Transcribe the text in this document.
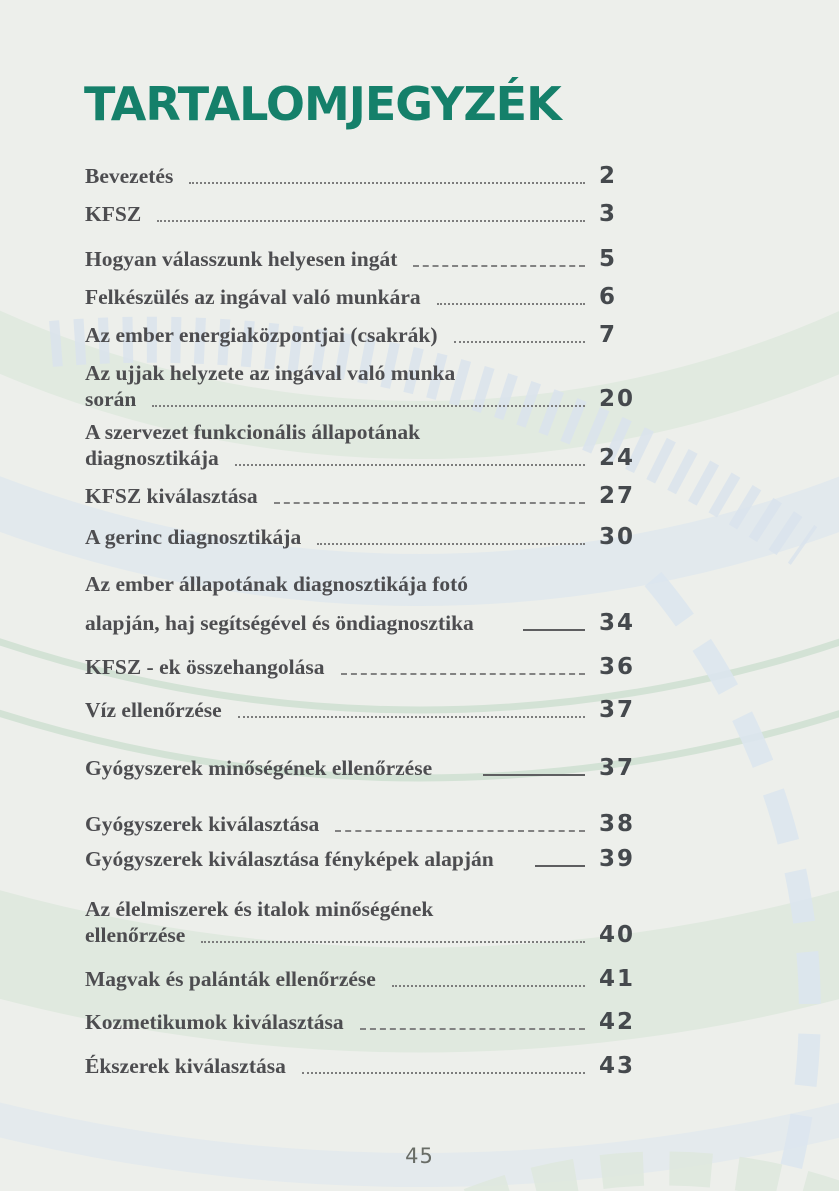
TARTALOMJEGYZÉK
Bevezetés	2
KFSZ	3
Hogyan válasszunk helyesen ingát	5
Felkészülés az ingával való munkára	6
Az ember energiaközpontjai (csakrák)	7
Az ujjak helyzete az ingával való munka
során	20
A szervezet funkcionális állapotának
diagnosztikája	24
KFSZ kiválasztása	27
A gerinc diagnosztikája	30
Az ember állapotának diagnosztikája fotó
alapján, haj segítségével és öndiagnosztika	34
KFSZ - ek összehangolása	36
Víz ellenőrzése	37
Gyógyszerek minőségének ellenőrzése	37
Gyógyszerek kiválasztása	38
Gyógyszerek kiválasztása fényképek alapján	39
Az élelmiszerek és italok minőségének
ellenőrzése	40
Magvak és palánták ellenőrzése	41
Kozmetikumok kiválasztása	42
Ékszerek kiválasztása	43
45
